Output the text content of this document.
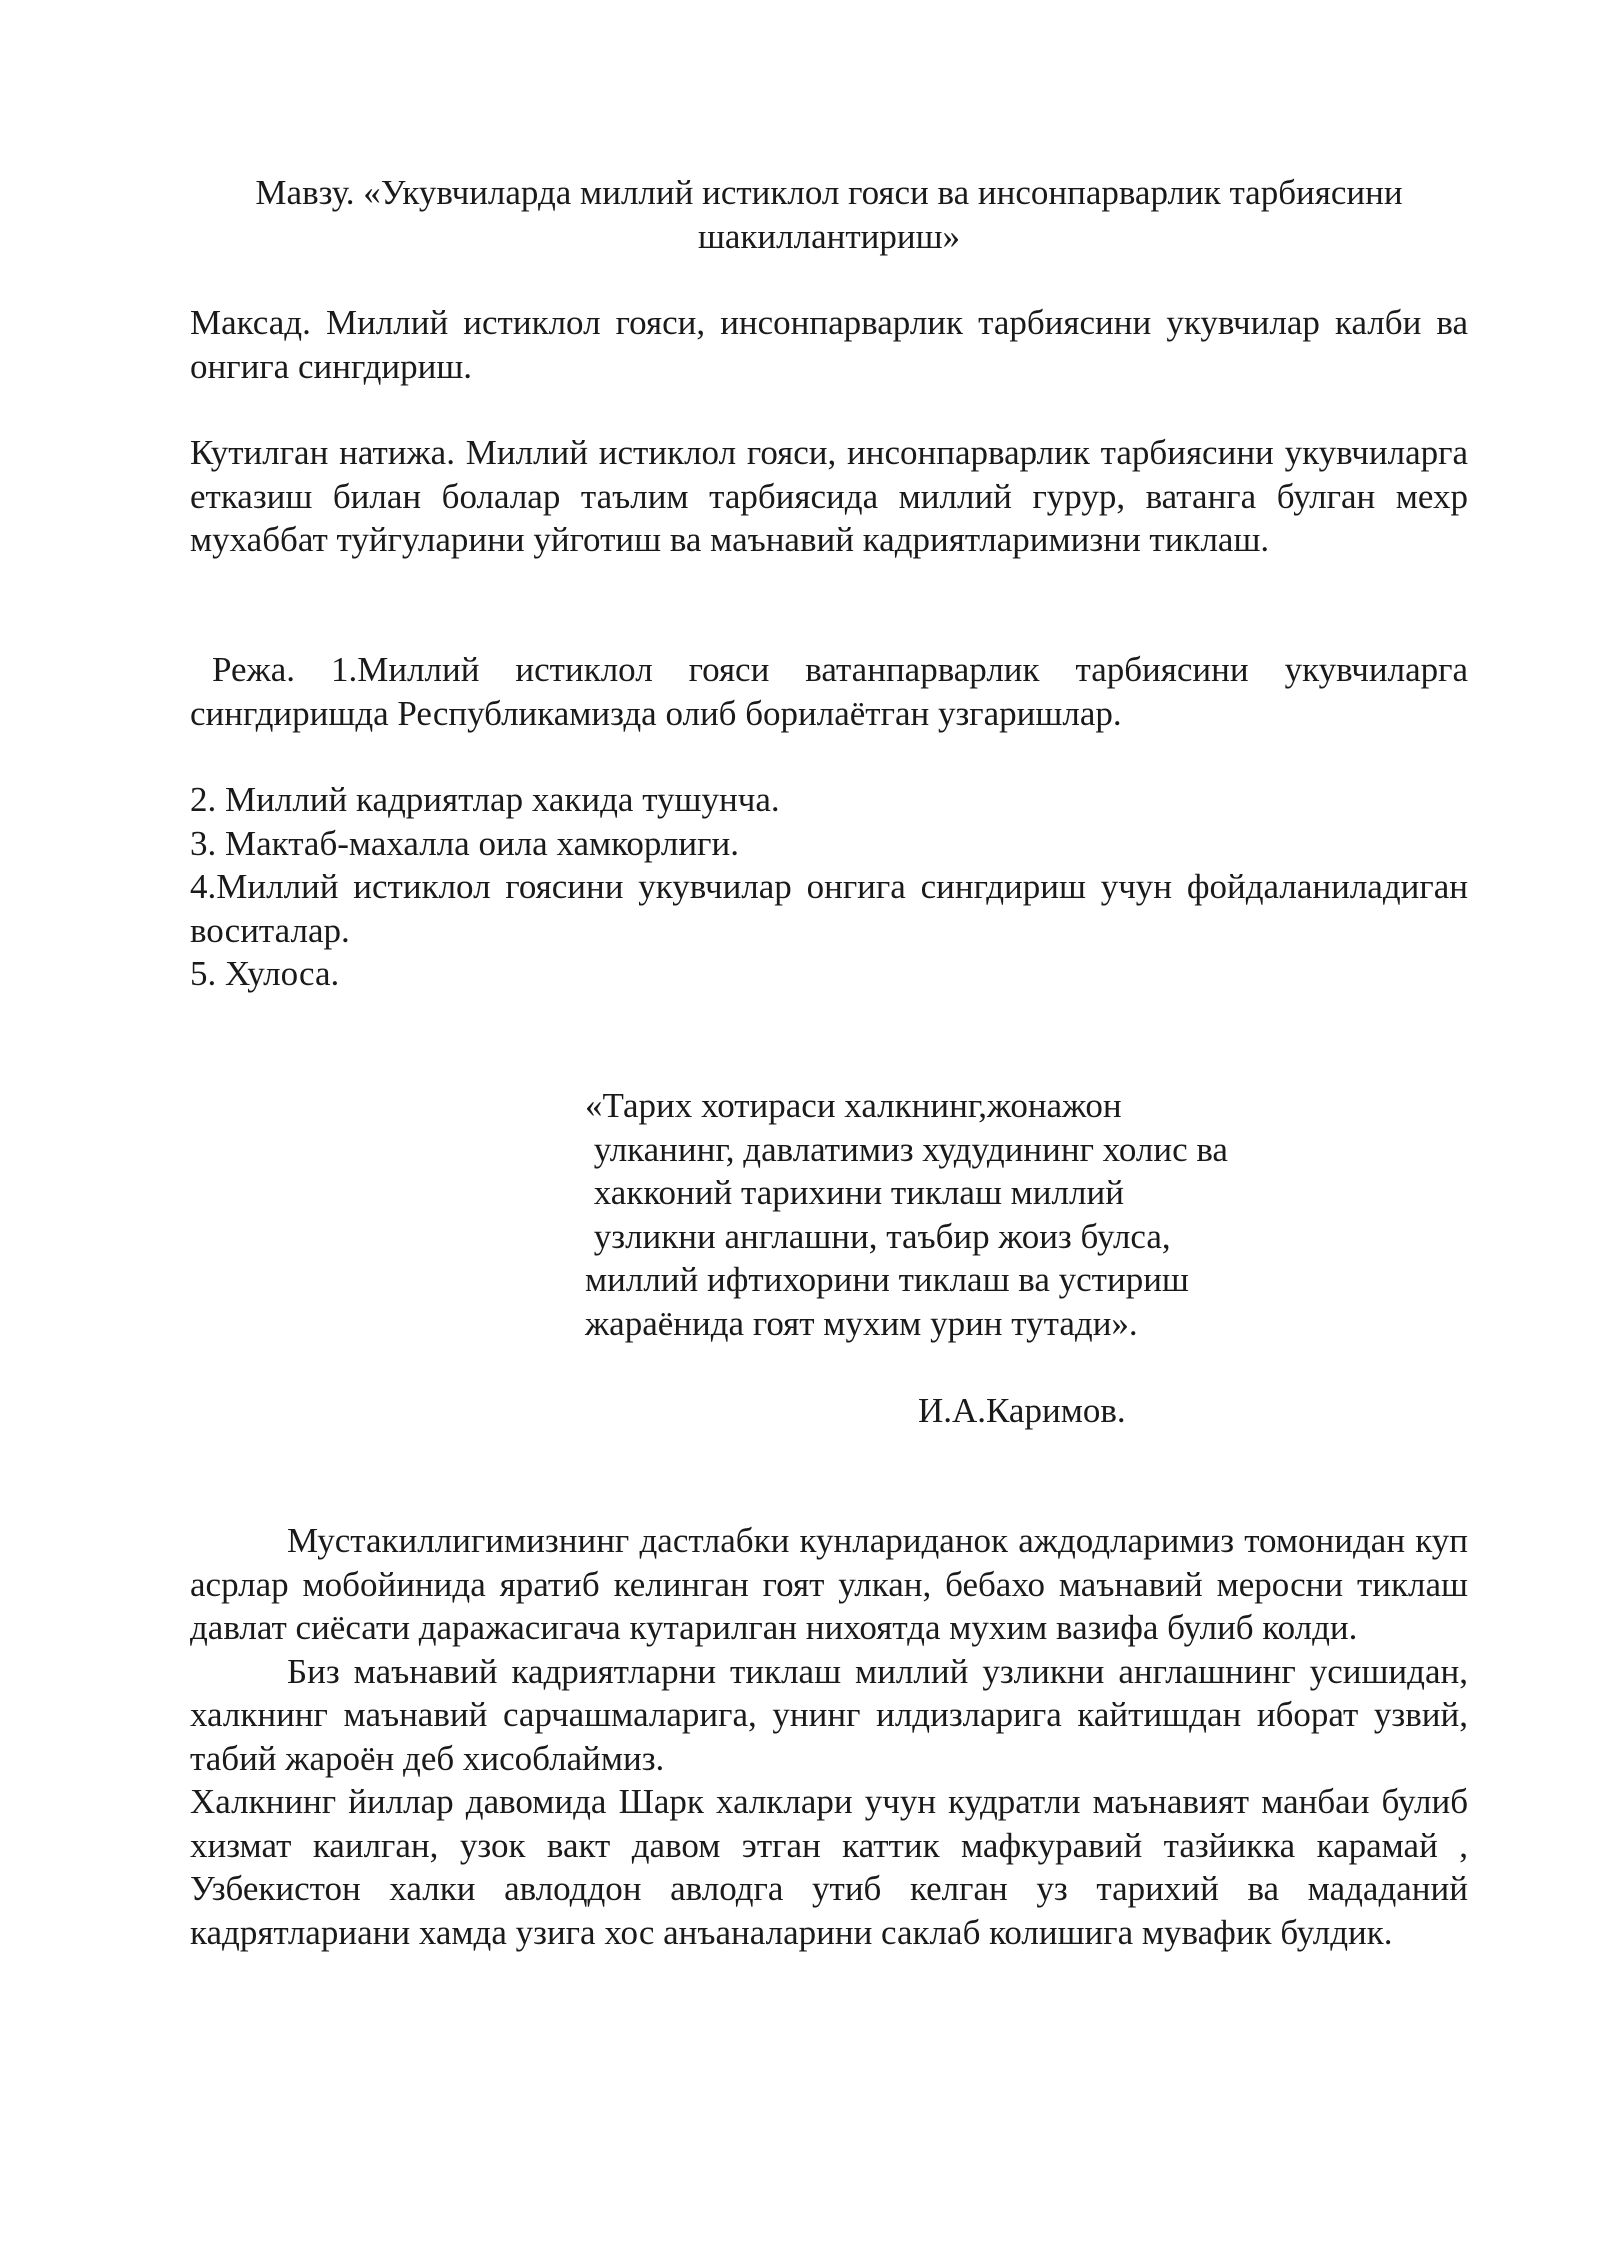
Мавзу. «Укувчиларда миллий истиклол гояси ва инсонпарварлик тарбиясини
шакиллантириш»

Максад. Миллий истиклол гояси, инсонпарварлик тарбиясини укувчилар калби ва онгига сингдириш.

Кутилган натижа. Миллий истиклол гояси, инсонпарварлик тарбиясини укувчиларга етказиш билан болалар таълим тарбиясида миллий гурур, ватанга булган мехр мухаббат туйгуларини уйготиш ва маънавий кадриятларимизни тиклаш.

Режа. 1.Миллий истиклол гояси ватанпарварлик тарбиясини укувчиларга сингдиришда Республикамизда олиб борилаётган узгаришлар.

2. Миллий кадриятлар хакида тушунча.

3. Мактаб-махалла оила хамкорлиги.

4.Миллий истиклол гоясини укувчилар онгига сингдириш учун фойдаланиладиган воситалар.

5. Хулоса.

«Тарих хотираси халкнинг,жонажон

улканинг, давлатимиз худудининг холис ва

хакконий тарихини тиклаш миллий

узликни англашни, таъбир жоиз булса,

миллий ифтихорини тиклаш ва устириш

жараёнида гоят мухим урин тутади».

И.А.Каримов.

Мустакиллигимизнинг дастлабки кунлариданок аждодларимиз томонидан куп асрлар мобойинида яратиб келинган гоят улкан, бебахо маънавий меросни тиклаш давлат сиёсати даражасигача кутарилган нихоятда мухим вазифа булиб колди.

Биз маънавий кадриятларни тиклаш миллий узликни англашнинг усишидан, халкнинг маънавий сарчашмаларига, унинг илдизларига кайтишдан иборат узвий, табий жароён деб хисоблаймиз.

Халкнинг йиллар давомида Шарк халклари учун кудратли маънавият манбаи булиб хизмат каилган, узок вакт давом этган каттик мафкуравий тазйикка карамай , Узбекистон халки авлоддон авлодга утиб келган уз тарихий ва мададаний кадрятлариани хамда узига хос анъаналарини саклаб колишига мувафик булдик.
